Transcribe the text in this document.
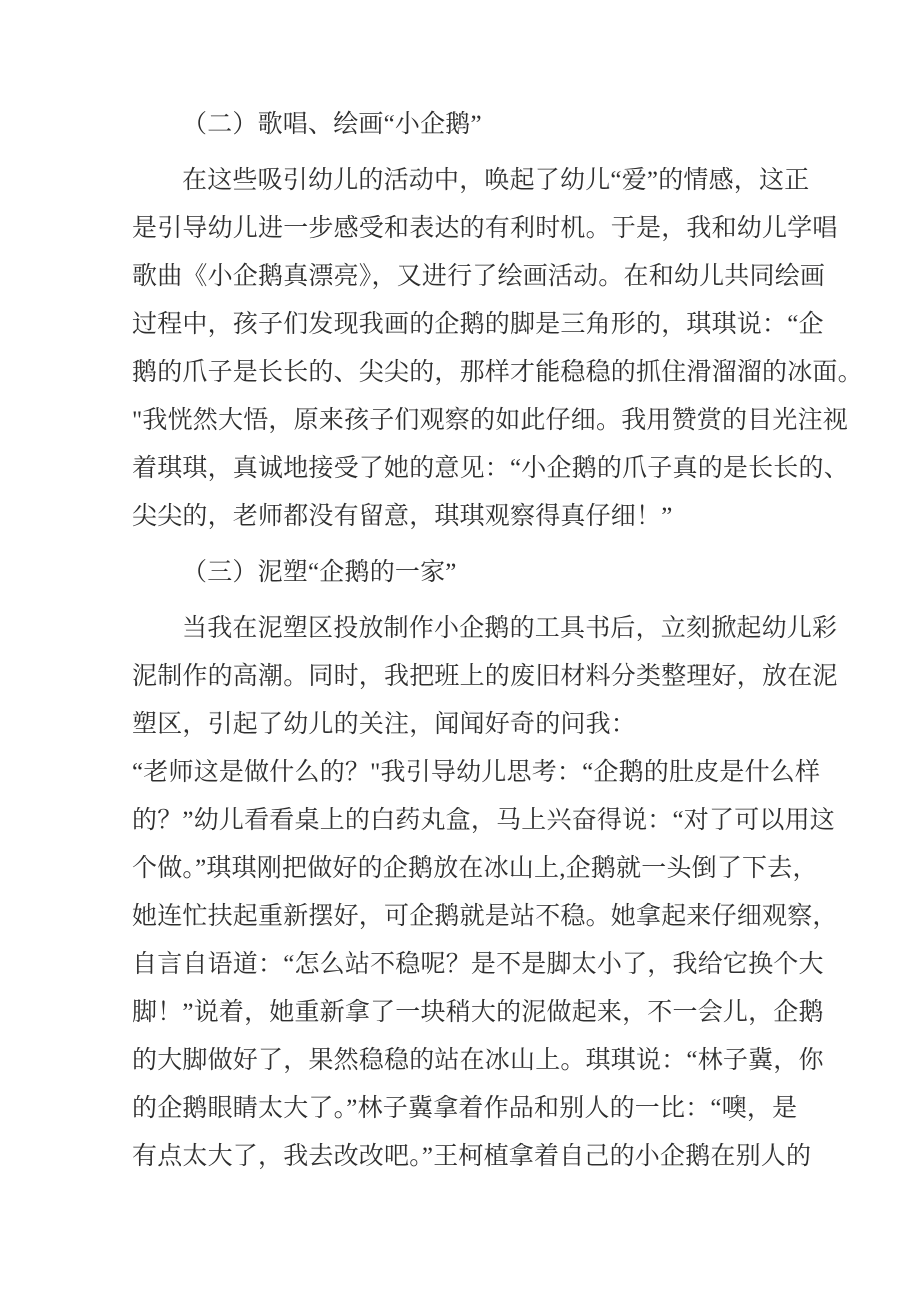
（二）歌唱、绘画“小企鹅”
在这些吸引幼儿的活动中，唤起了幼儿“爱”的情感，这正
是引导幼儿进一步感受和表达的有利时机。于是，我和幼儿学唱
歌曲《小企鹅真漂亮》，又进行了绘画活动。在和幼儿共同绘画
过程中，孩子们发现我画的企鹅的脚是三角形的，琪琪说：“企
鹅的爪子是长长的、尖尖的，那样才能稳稳的抓住滑溜溜的冰面。
"我恍然大悟，原来孩子们观察的如此仔细。我用赞赏的目光注视
着琪琪，真诚地接受了她的意见：“小企鹅的爪子真的是长长的、
尖尖的，老师都没有留意，琪琪观察得真仔细！”
（三）泥塑“企鹅的一家”
当我在泥塑区投放制作小企鹅的工具书后，立刻掀起幼儿彩
泥制作的高潮。同时，我把班上的废旧材料分类整理好，放在泥
塑区，引起了幼儿的关注，闻闻好奇的问我：
“老师这是做什么的？"我引导幼儿思考：“企鹅的肚皮是什么样
的？”幼儿看看桌上的白药丸盒，马上兴奋得说：“对了可以用这
个做。”琪琪刚把做好的企鹅放在冰山上,企鹅就一头倒了下去，
她连忙扶起重新摆好，可企鹅就是站不稳。她拿起来仔细观察，
自言自语道：“怎么站不稳呢？是不是脚太小了，我给它换个大
脚！”说着，她重新拿了一块稍大的泥做起来，不一会儿，企鹅
的大脚做好了，果然稳稳的站在冰山上。琪琪说：“林子冀，你
的企鹅眼睛太大了。”林子冀拿着作品和别人的一比：“噢，是
有点太大了，我去改改吧。”王柯植拿着自己的小企鹅在别人的
